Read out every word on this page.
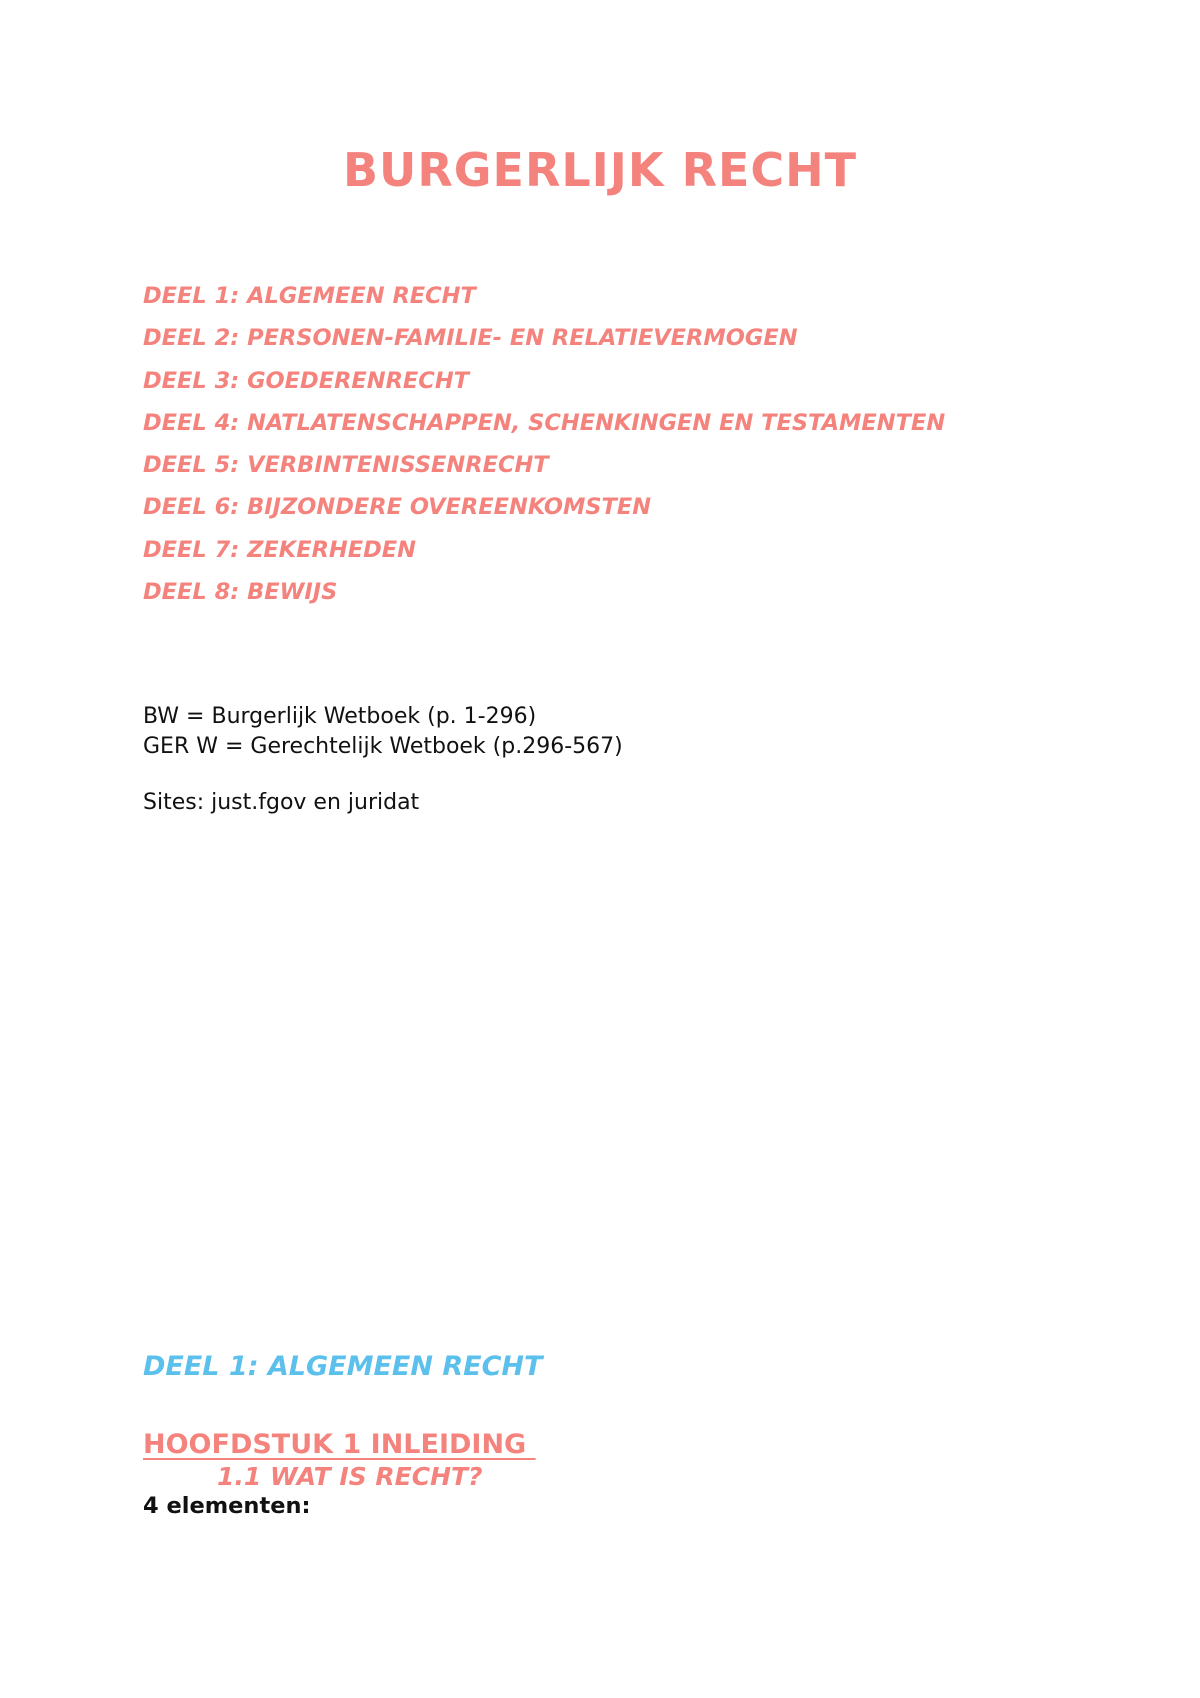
BURGERLIJK RECHT
DEEL 1: ALGEMEEN RECHT
DEEL 2: PERSONEN-FAMILIE- EN RELATIEVERMOGEN
DEEL 3: GOEDERENRECHT
DEEL 4: NATLATENSCHAPPEN, SCHENKINGEN EN TESTAMENTEN
DEEL 5: VERBINTENISSENRECHT
DEEL 6: BIJZONDERE OVEREENKOMSTEN
DEEL 7: ZEKERHEDEN
DEEL 8: BEWIJS

BW = Burgerlijk Wetboek (p. 1-296)

GER W = Gerechtelijk Wetboek (p.296-567)

Sites: just.fgov en juridat

DEEL 1: ALGEMEEN RECHT
HOOFDSTUK 1 INLEIDING
1.1 WAT IS RECHT?

4 elementen:
